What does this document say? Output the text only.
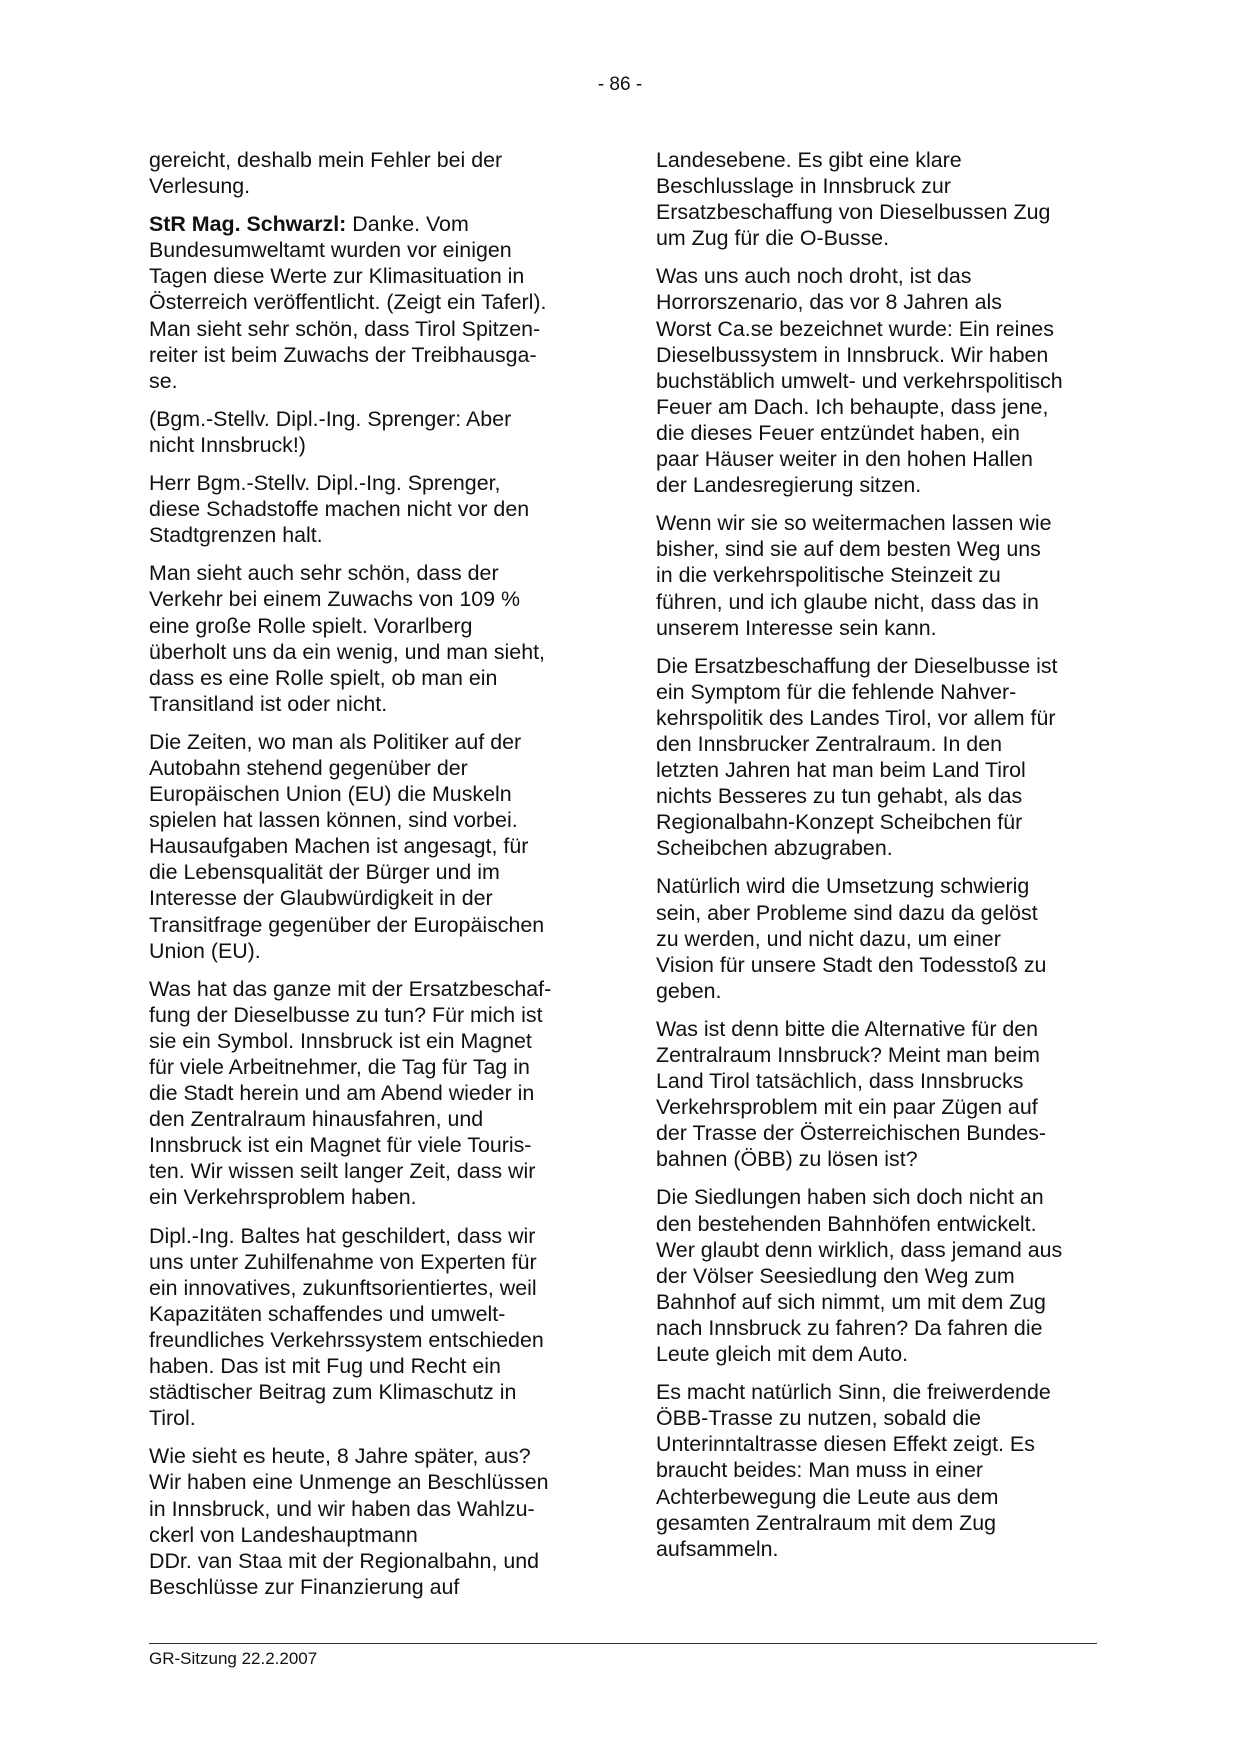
- 86 -
gereicht, deshalb mein Fehler bei der
Verlesung.
StR Mag. Schwarzl: Danke. Vom
Bundesumweltamt wurden vor einigen
Tagen diese Werte zur Klimasituation in
Österreich veröffentlicht. (Zeigt ein Taferl).
Man sieht sehr schön, dass Tirol Spitzen-
reiter ist beim Zuwachs der Treibhausga-
se.
(Bgm.-Stellv. Dipl.-Ing. Sprenger: Aber
nicht Innsbruck!)
Herr Bgm.-Stellv. Dipl.-Ing. Sprenger,
diese Schadstoffe machen nicht vor den
Stadtgrenzen halt.
Man sieht auch sehr schön, dass der
Verkehr bei einem Zuwachs von 109 %
eine große Rolle spielt. Vorarlberg
überholt uns da ein wenig, und man sieht,
dass es eine Rolle spielt, ob man ein
Transitland ist oder nicht.
Die Zeiten, wo man als Politiker auf der
Autobahn stehend gegenüber der
Europäischen Union (EU) die Muskeln
spielen hat lassen können, sind vorbei.
Hausaufgaben Machen ist angesagt, für
die Lebensqualität der Bürger und im
Interesse der Glaubwürdigkeit in der
Transitfrage gegenüber der Europäischen
Union (EU).
Was hat das ganze mit der Ersatzbeschaf-
fung der Dieselbusse zu tun? Für mich ist
sie ein Symbol. Innsbruck ist ein Magnet
für viele Arbeitnehmer, die Tag für Tag in
die Stadt herein und am Abend wieder in
den Zentralraum hinausfahren, und
Innsbruck ist ein Magnet für viele Touris-
ten. Wir wissen seilt langer Zeit, dass wir
ein Verkehrsproblem haben.
Dipl.-Ing. Baltes hat geschildert, dass wir
uns unter Zuhilfenahme von Experten für
ein innovatives, zukunftsorientiertes, weil
Kapazitäten schaffendes und umwelt-
freundliches Verkehrssystem entschieden
haben. Das ist mit Fug und Recht ein
städtischer Beitrag zum Klimaschutz in
Tirol.
Wie sieht es heute, 8 Jahre später, aus?
Wir haben eine Unmenge an Beschlüssen
in Innsbruck, und wir haben das Wahlzu-
ckerl von Landeshauptmann
DDr. van Staa mit der Regionalbahn, und
Beschlüsse zur Finanzierung auf
Landesebene. Es gibt eine klare
Beschlusslage in Innsbruck zur
Ersatzbeschaffung von Dieselbussen Zug
um Zug für die O-Busse.
Was uns auch noch droht, ist das
Horrorszenario, das vor 8 Jahren als
Worst Ca.se bezeichnet wurde: Ein reines
Dieselbussystem in Innsbruck. Wir haben
buchstäblich umwelt- und verkehrspolitisch
Feuer am Dach. Ich behaupte, dass jene,
die dieses Feuer entzündet haben, ein
paar Häuser weiter in den hohen Hallen
der Landesregierung sitzen.
Wenn wir sie so weitermachen lassen wie
bisher, sind sie auf dem besten Weg uns
in die verkehrspolitische Steinzeit zu
führen, und ich glaube nicht, dass das in
unserem Interesse sein kann.
Die Ersatzbeschaffung der Dieselbusse ist
ein Symptom für die fehlende Nahver-
kehrspolitik des Landes Tirol, vor allem für
den Innsbrucker Zentralraum. In den
letzten Jahren hat man beim Land Tirol
nichts Besseres zu tun gehabt, als das
Regionalbahn-Konzept Scheibchen für
Scheibchen abzugraben.
Natürlich wird die Umsetzung schwierig
sein, aber Probleme sind dazu da gelöst
zu werden, und nicht dazu, um einer
Vision für unsere Stadt den Todesstoß zu
geben.
Was ist denn bitte die Alternative für den
Zentralraum Innsbruck? Meint man beim
Land Tirol tatsächlich, dass Innsbrucks
Verkehrsproblem mit ein paar Zügen auf
der Trasse der Österreichischen Bundes-
bahnen (ÖBB) zu lösen ist?
Die Siedlungen haben sich doch nicht an
den bestehenden Bahnhöfen entwickelt.
Wer glaubt denn wirklich, dass jemand aus
der Völser Seesiedlung den Weg zum
Bahnhof auf sich nimmt, um mit dem Zug
nach Innsbruck zu fahren? Da fahren die
Leute gleich mit dem Auto.
Es macht natürlich Sinn, die freiwerdende
ÖBB-Trasse zu nutzen, sobald die
Unterinntaltrasse diesen Effekt zeigt. Es
braucht beides: Man muss in einer
Achterbewegung die Leute aus dem
gesamten Zentralraum mit dem Zug
aufsammeln.
GR-Sitzung 22.2.2007
